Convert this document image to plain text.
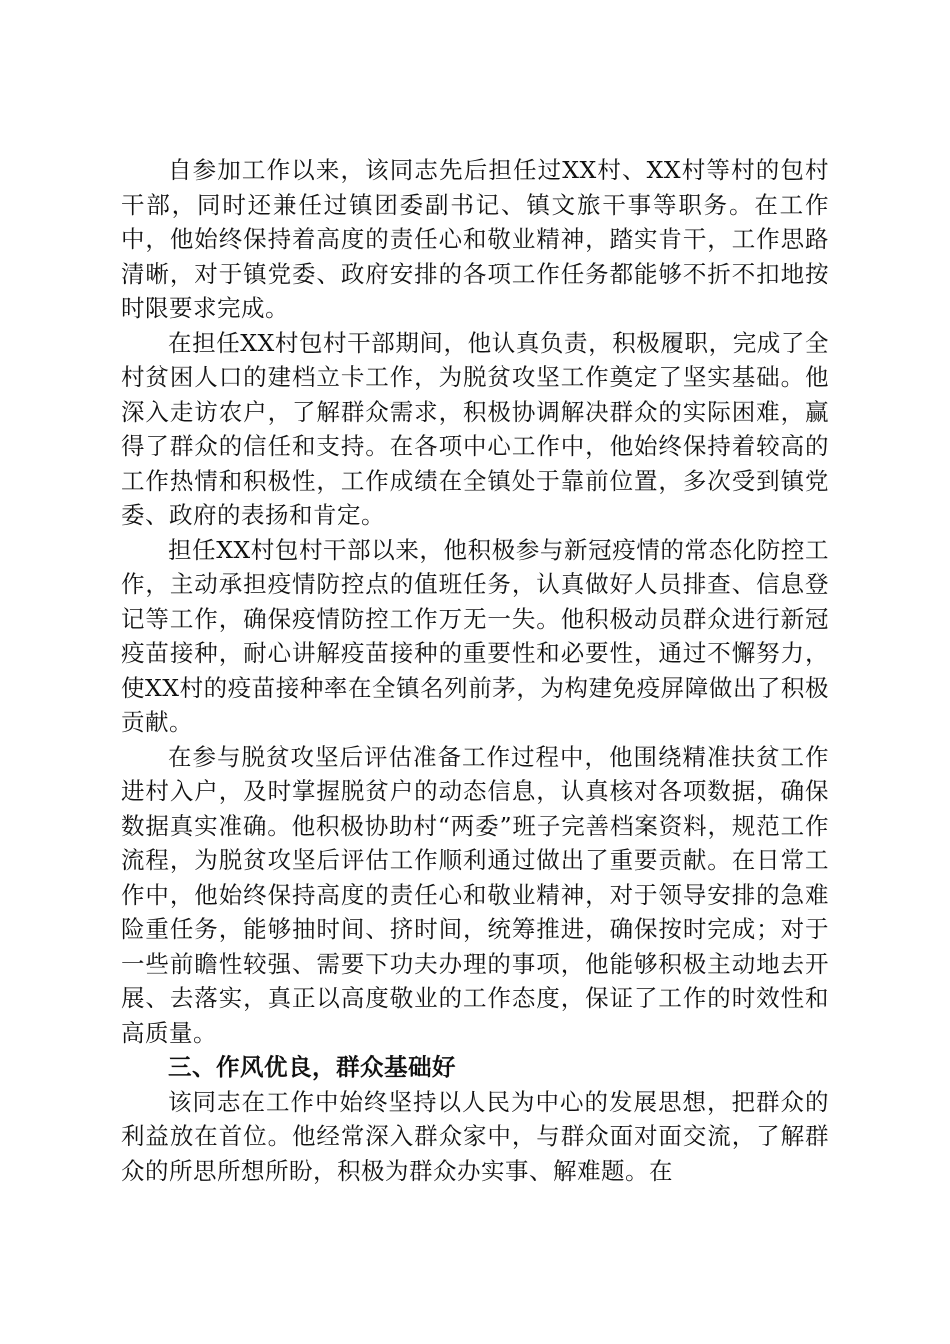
自参加工作以来，该同志先后担任过XX村、XX村等村的包村干部，同时还兼任过镇团委副书记、镇文旅干事等职务。在工作中，他始终保持着高度的责任心和敬业精神，踏实肯干，工作思路清晰，对于镇党委、政府安排的各项工作任务都能够不折不扣地按时限要求完成。

在担任XX村包村干部期间，他认真负责，积极履职，完成了全村贫困人口的建档立卡工作，为脱贫攻坚工作奠定了坚实基础。他深入走访农户，了解群众需求，积极协调解决群众的实际困难，赢得了群众的信任和支持。在各项中心工作中，他始终保持着较高的工作热情和积极性，工作成绩在全镇处于靠前位置，多次受到镇党委、政府的表扬和肯定。

担任XX村包村干部以来，他积极参与新冠疫情的常态化防控工作，主动承担疫情防控点的值班任务，认真做好人员排查、信息登记等工作，确保疫情防控工作万无一失。他积极动员群众进行新冠疫苗接种，耐心讲解疫苗接种的重要性和必要性，通过不懈努力，使XX村的疫苗接种率在全镇名列前茅，为构建免疫屏障做出了积极贡献。

在参与脱贫攻坚后评估准备工作过程中，他围绕精准扶贫工作进村入户，及时掌握脱贫户的动态信息，认真核对各项数据，确保数据真实准确。他积极协助村“两委”班子完善档案资料，规范工作流程，为脱贫攻坚后评估工作顺利通过做出了重要贡献。在日常工作中，他始终保持高度的责任心和敬业精神，对于领导安排的急难险重任务，能够抽时间、挤时间，统筹推进，确保按时完成；对于一些前瞻性较强、需要下功夫办理的事项，他能够积极主动地去开展、去落实，真正以高度敬业的工作态度，保证了工作的时效性和高质量。

三、作风优良，群众基础好

该同志在工作中始终坚持以人民为中心的发展思想，把群众的利益放在首位。他经常深入群众家中，与群众面对面交流，了解群众的所思所想所盼，积极为群众办实事、解难题。在
